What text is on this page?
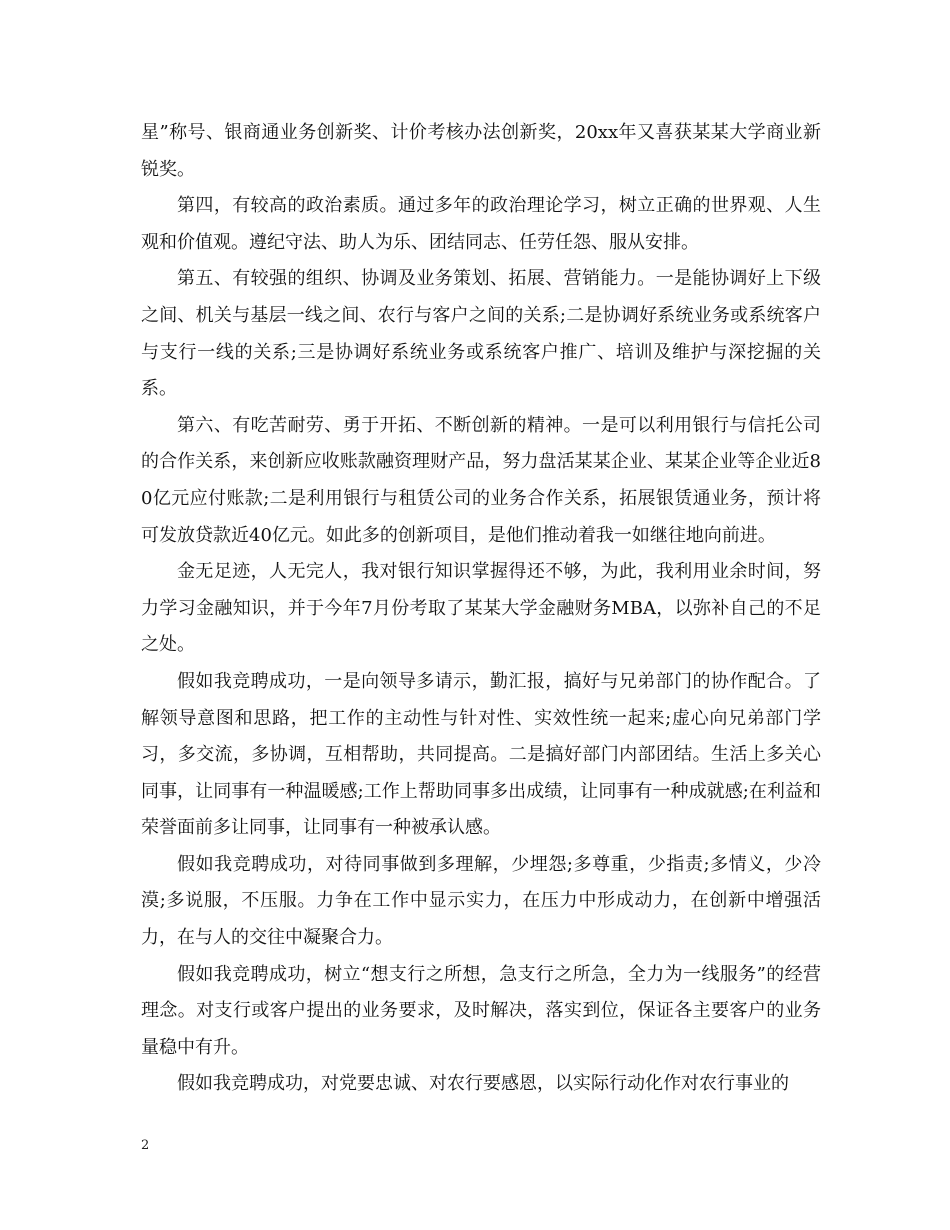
星”称号、银商通业务创新奖、计价考核办法创新奖，20xx年又喜获某某大学商业新锐奖。

第四，有较高的政治素质。通过多年的政治理论学习，树立正确的世界观、人生观和价值观。遵纪守法、助人为乐、团结同志、任劳任怨、服从安排。

第五、有较强的组织、协调及业务策划、拓展、营销能力。一是能协调好上下级之间、机关与基层一线之间、农行与客户之间的关系;二是协调好系统业务或系统客户与支行一线的关系;三是协调好系统业务或系统客户推广、培训及维护与深挖掘的关系。

第六、有吃苦耐劳、勇于开拓、不断创新的精神。一是可以利用银行与信托公司的合作关系，来创新应收账款融资理财产品，努力盘活某某企业、某某企业等企业近80亿元应付账款;二是利用银行与租赁公司的业务合作关系，拓展银赁通业务，预计将可发放贷款近40亿元。如此多的创新项目，是他们推动着我一如继往地向前进。

金无足迹，人无完人，我对银行知识掌握得还不够，为此，我利用业余时间，努力学习金融知识，并于今年7月份考取了某某大学金融财务MBA，以弥补自己的不足之处。

假如我竞聘成功，一是向领导多请示，勤汇报，搞好与兄弟部门的协作配合。了解领导意图和思路，把工作的主动性与针对性、实效性统一起来;虚心向兄弟部门学习，多交流，多协调，互相帮助，共同提高。二是搞好部门内部团结。生活上多关心同事，让同事有一种温暖感;工作上帮助同事多出成绩，让同事有一种成就感;在利益和荣誉面前多让同事，让同事有一种被承认感。

假如我竞聘成功，对待同事做到多理解，少埋怨;多尊重，少指责;多情义，少冷漠;多说服，不压服。力争在工作中显示实力，在压力中形成动力，在创新中增强活力，在与人的交往中凝聚合力。

假如我竞聘成功，树立“想支行之所想，急支行之所急，全力为一线服务”的经营理念。对支行或客户提出的业务要求，及时解决，落实到位，保证各主要客户的业务量稳中有升。

假如我竞聘成功，对党要忠诚、对农行要感恩，以实际行动化作对农行事业的

2
